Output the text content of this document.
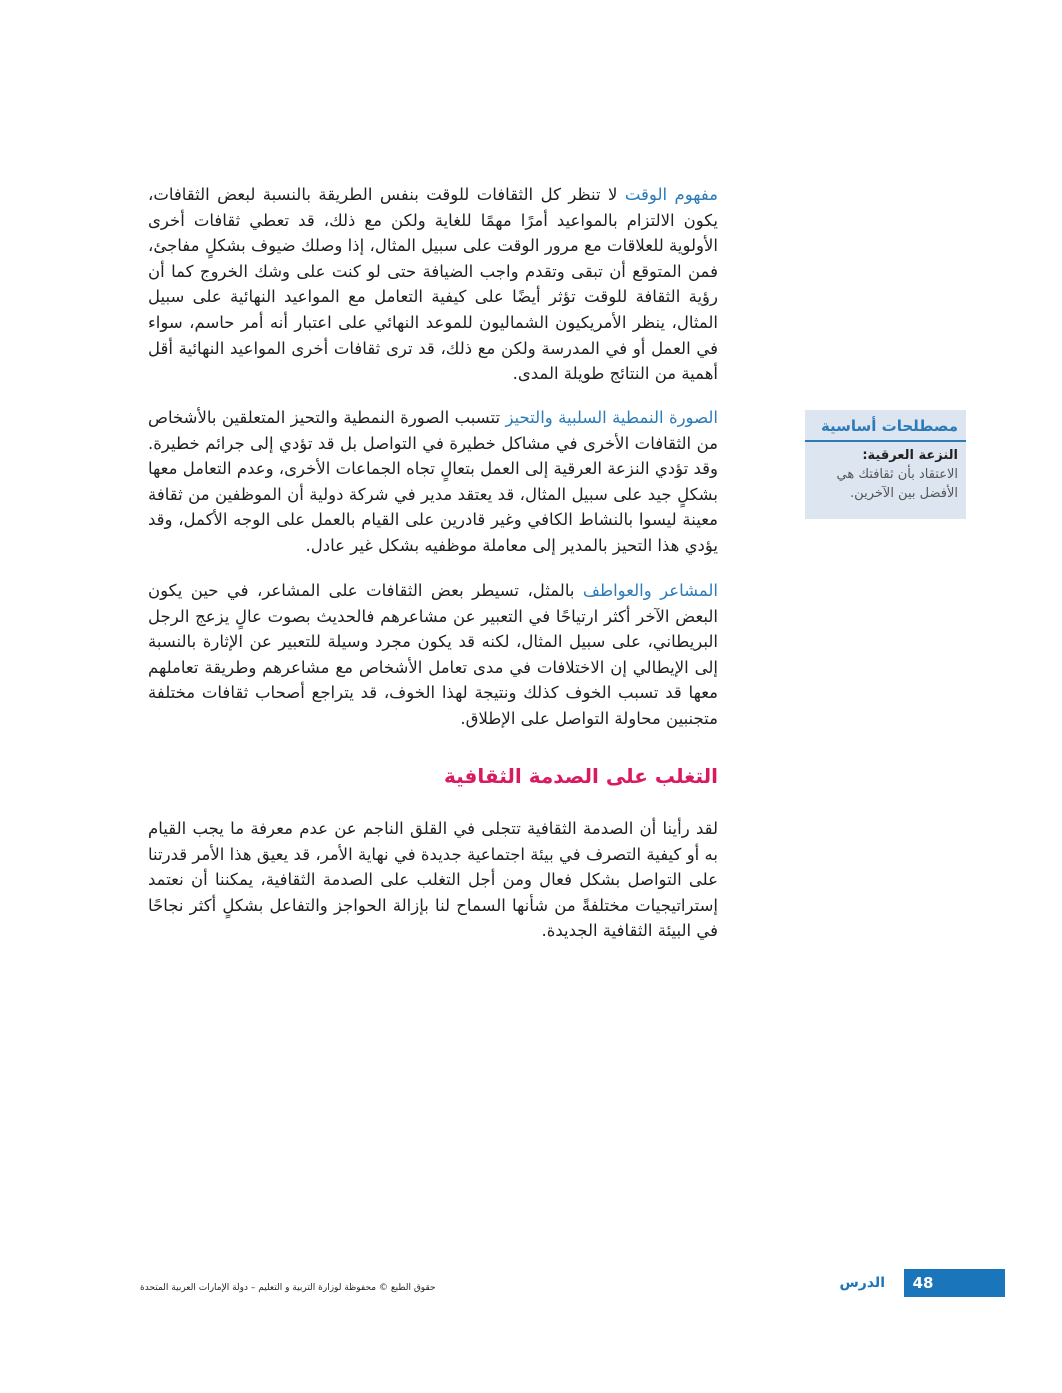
مفهوم الوقت لا تنظر كل الثقافات للوقت بنفس الطريقة بالنسبة لبعض الثقافات، يكون الالتزام بالمواعيد أمرًا مهمًا للغاية ولكن مع ذلك، قد تعطي ثقافات أخرى الأولوية للعلاقات مع مرور الوقت على سبيل المثال، إذا وصلك ضيوف بشكلٍ مفاجئ، فمن المتوقع أن تبقى وتقدم واجب الضيافة حتى لو كنت على وشك الخروج كما أن رؤية الثقافة للوقت تؤثر أيضًا على كيفية التعامل مع المواعيد النهائية على سبيل المثال، ينظر الأمريكيون الشماليون للموعد النهائي على اعتبار أنه أمر حاسم، سواء في العمل أو في المدرسة ولكن مع ذلك، قد ترى ثقافات أخرى المواعيد النهائية أقل أهمية من النتائج طويلة المدى.

الصورة النمطية السلبية والتحيز تتسبب الصورة النمطية والتحيز المتعلقين بالأشخاص من الثقافات الأخرى في مشاكل خطيرة في التواصل بل قد تؤدي إلى جرائم خطيرة. وقد تؤدي النزعة العرقية إلى العمل بتعالٍ تجاه الجماعات الأخرى، وعدم التعامل معها بشكلٍ جيد على سبيل المثال، قد يعتقد مدير في شركة دولية أن الموظفين من ثقافة معينة ليسوا بالنشاط الكافي وغير قادرين على القيام بالعمل على الوجه الأكمل، وقد يؤدي هذا التحيز بالمدير إلى معاملة موظفيه بشكل غير عادل.

المشاعر والعواطف بالمثل، تسيطر بعض الثقافات على المشاعر، في حين يكون البعض الآخر أكثر ارتياحًا في التعبير عن مشاعرهم فالحديث بصوت عالٍ يزعج الرجل البريطاني، على سبيل المثال، لكنه قد يكون مجرد وسيلة للتعبير عن الإثارة بالنسبة إلى الإيطالي إن الاختلافات في مدى تعامل الأشخاص مع مشاعرهم وطريقة تعاملهم معها قد تسبب الخوف كذلك ونتيجة لهذا الخوف، قد يتراجع أصحاب ثقافات مختلفة متجنبين محاولة التواصل على الإطلاق.

التغلب على الصدمة الثقافية

لقد رأينا أن الصدمة الثقافية تتجلى في القلق الناجم عن عدم معرفة ما يجب القيام به أو كيفية التصرف في بيئة اجتماعية جديدة في نهاية الأمر، قد يعيق هذا الأمر قدرتنا على التواصل بشكل فعال ومن أجل التغلب على الصدمة الثقافية، يمكننا أن نعتمد إستراتيجيات مختلفةً من شأنها السماح لنا بإزالة الحواجز والتفاعل بشكلٍ أكثر نجاحًا في البيئة الثقافية الجديدة.

مصطلحات أساسية
النزعة العرقية:
الاعتقاد بأن ثقافتك هي الأفضل بين الآخرين.
48
الدرس
حقوق الطبع © محفوظة لوزارة التربية و التعليم – دولة الإمارات العربية المتحدة
